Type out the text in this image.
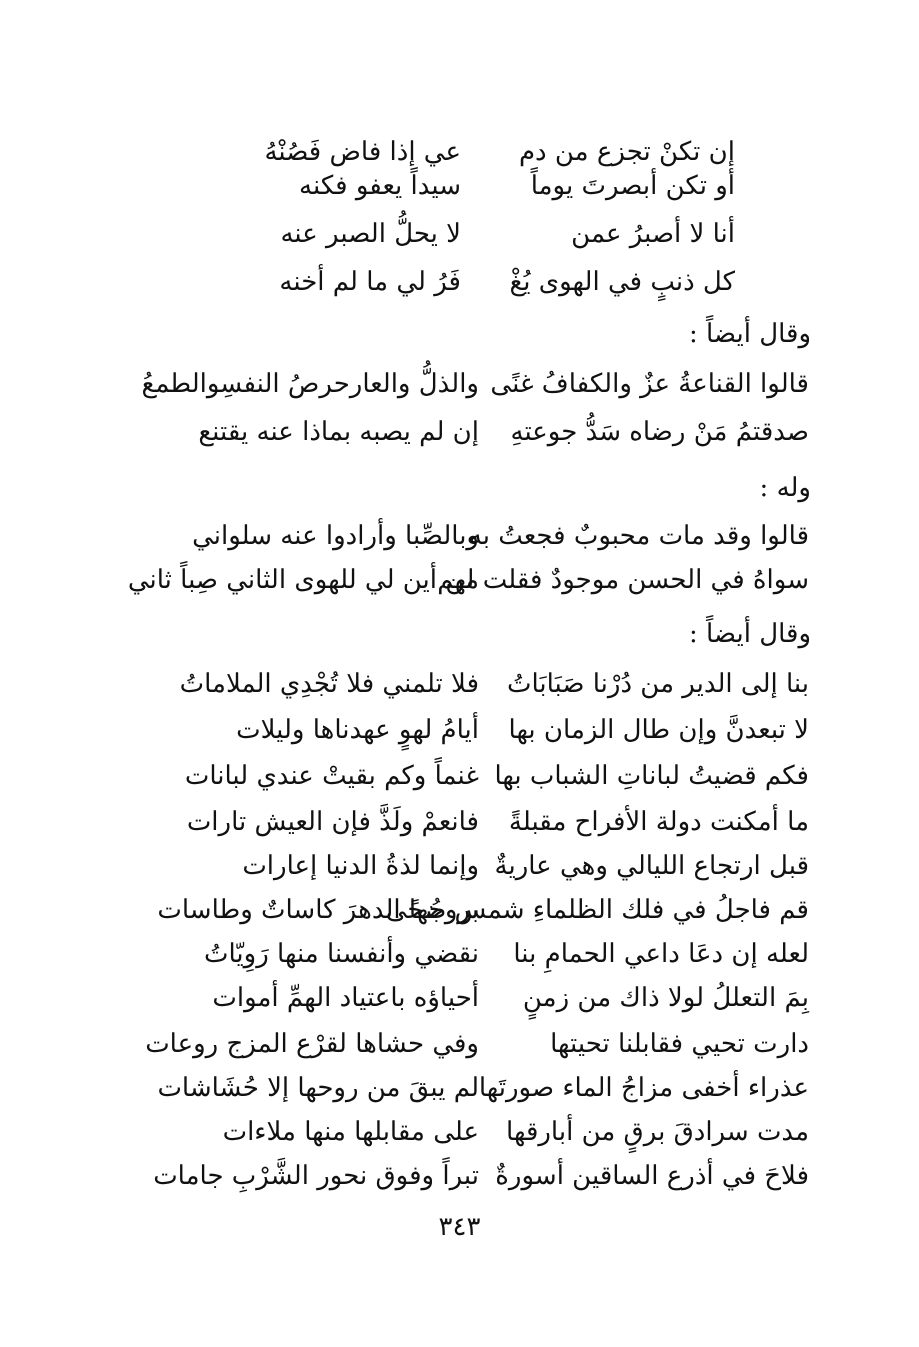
إن تكنْ تجزع من دم
عي إذا فاض فَصُنْهُ
أو تكن أبصرتَ يوماً
سيداً يعفو فكنه
أنا لا أصبرُ عمن
لا يحلُّ الصبر عنه
كل ذنبٍ في الهوى يُغْ
فَرُ لي ما لم أخنه
وقال أيضاً :
قالوا القناعةُ عزٌ والكفافُ غنًى
والذلُّ والعارحرصُ النفسِوالطمعُ
صدقتمُ مَنْ رضاه سَدُّ جوعتهِ
إن لم يصبه بماذا عنه يقتنع
وله :
قالوا وقد مات محبوبٌ فجعتُ به
وبالصِّبا وأرادوا عنه سلواني
سواهُ في الحسن موجودٌ فقلت لهم
من أين لي للهوى الثاني صِباً ثاني
وقال أيضاً :
بنا إلى الدير من دُرْنا صَبَابَاتُ
فلا تلمني فلا تُجْدِي الملاماتُ
لا تبعدنَّ وإن طال الزمان بها
أيامُ لهوٍ عهدناها وليلات
فكم قضيتُ لباناتِ الشباب بها
غنماً وكم بقيتْ عندي لبانات
ما أمكنت دولة الأفراح مقبلةً
فانعمْ ولَذَّ فإن العيش تارات
قبل ارتجاع الليالي وهي عاريةٌ
وإنما لذةُ الدنيا إعارات
قم فاجلُ في فلك الظلماءِ شمس ضحًى
بروجُها الدهرَ كاساتٌ وطاسات
لعله إن دعَا داعي الحمامِ بنا
نقضي وأنفسنا منها رَوِيّاتُ
بِمَ التعللُ لولا ذاك من زمنٍ
أحياؤه باعتياد الهمِّ أموات
دارت تحيي فقابلنا تحيتها
وفي حشاها لقرْع المزج روعات
عذراء أخفى مزاجُ الماء صورتَها
لم يبقَ من روحها إلا حُشَاشات
مدت سرادقَ برقٍ من أبارقها
على مقابلها منها ملاءات
فلاحَ في أذرع الساقين أسورةٌ
تبراً وفوق نحور الشَّرْبِ جامات
٣٤٣
